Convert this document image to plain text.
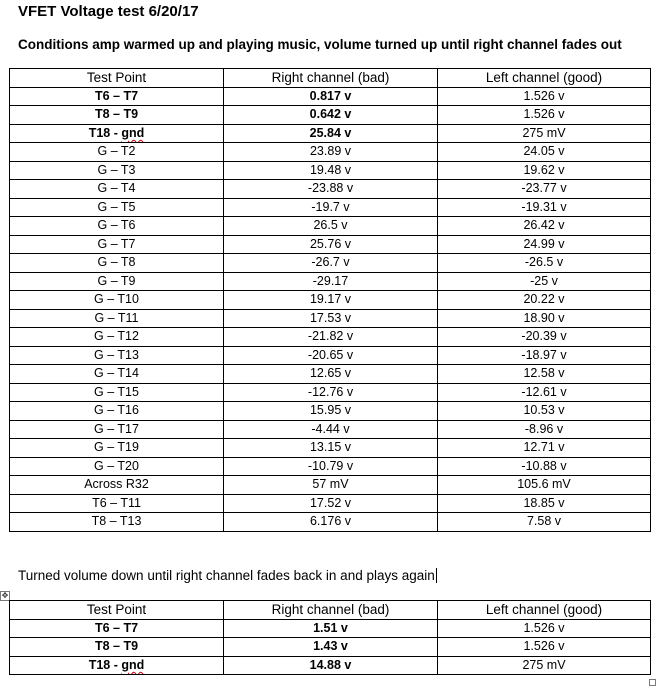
VFET Voltage test 6/20/17
Conditions amp warmed up and playing music, volume turned up until right channel fades out
Test Point	Right channel (bad)	Left channel (good)
T6 – T7	0.817 v	1.526 v
T8 – T9	0.642 v	1.526 v
T18 - gnd	25.84 v	275 mV
G – T2	23.89 v	24.05 v
G – T3	19.48 v	19.62 v
G – T4	-23.88 v	-23.77 v
G – T5	-19.7 v	-19.31 v
G – T6	26.5 v	26.42 v
G – T7	25.76 v	24.99 v
G – T8	-26.7 v	-26.5 v
G – T9	-29.17	-25 v
G – T10	19.17 v	20.22 v
G – T11	17.53 v	18.90 v
G – T12	-21.82 v	-20.39 v
G – T13	-20.65 v	-18.97 v
G – T14	12.65 v	12.58 v
G – T15	-12.76 v	-12.61 v
G – T16	15.95 v	10.53 v
G – T17	-4.44 v	-8.96 v
G – T19	13.15 v	12.71 v
G – T20	-10.79 v	-10.88 v
Across R32	57 mV	105.6 mV
T6 – T11	17.52 v	18.85 v
T8 – T13	6.176 v	7.58 v
Turned volume down until right channel fades back in and plays again
✥
Test Point	Right channel (bad)	Left channel (good)
T6 – T7	1.51 v	1.526 v
T8 – T9	1.43 v	1.526 v
T18 - gnd	14.88 v	275 mV
